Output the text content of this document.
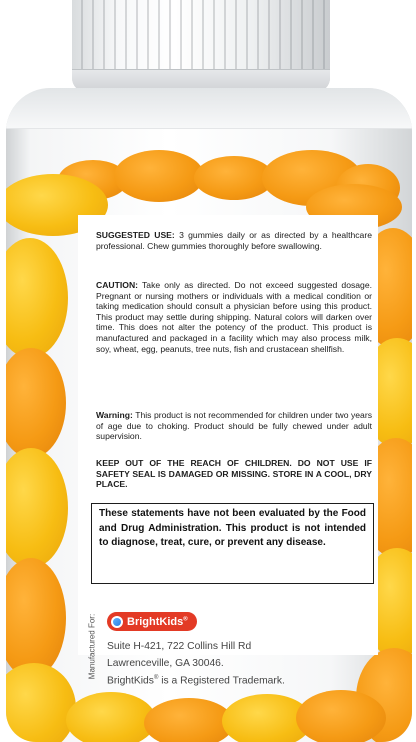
SUGGESTED USE: 3 gummies daily or as directed by a healthcare professional. Chew gummies thoroughly before swallowing.
CAUTION: Take only as directed. Do not exceed suggested dosage. Pregnant or nursing mothers or individuals with a medical condition or taking medication should consult a physician before using this product. This product may settle during shipping. Natural colors will darken over time. This does not alter the potency of the product. This product is manufactured and packaged in a facility which may also process milk, soy, wheat, egg, peanuts, tree nuts, fish and crustacean shellfish.
Warning: This product is not recommended for children under two years of age due to choking. Product should be fully chewed under adult supervision.
KEEP OUT OF THE REACH OF CHILDREN. DO NOT USE IF SAFETY SEAL IS DAMAGED OR MISSING. STORE IN A COOL, DRY PLACE.
These statements have not been evaluated by the Food and Drug Administration. This product is not intended to diagnose, treat, cure, or prevent any disease.
Manufactured For:	BrightKids®
Suite H-421, 722 Collins Hill Rd
Lawrenceville, GA 30046.
BrightKids® is a Registered Trademark.
